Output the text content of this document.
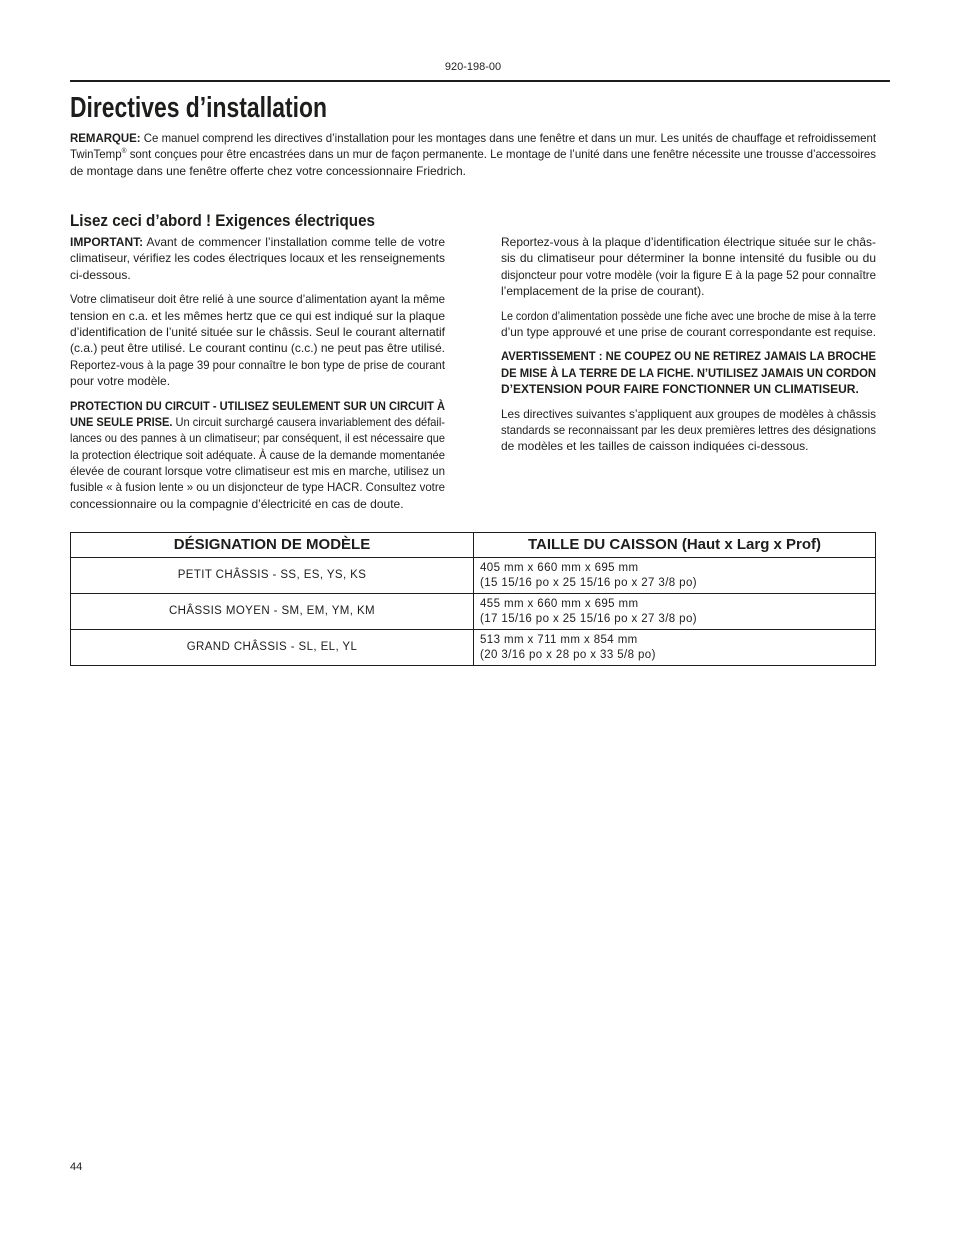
920-198-00
Directives d’installation
REMARQUE: Ce manuel comprend les directives d’installation pour les montages dans une fenêtre et dans un mur. Les unités de chauffage et refroidissement
TwinTemp® sont conçues pour être encastrées dans un mur de façon permanente. Le montage de l’unité dans une fenêtre nécessite une trousse d’accessoires
de montage dans une fenêtre offerte chez votre concessionnaire Friedrich.
Lisez ceci d’abord ! Exigences électriques
IMPORTANT: Avant de commencer l’installation comme telle de votre
climatiseur, vérifiez les codes électriques locaux et les renseignements
ci-dessous.
Votre climatiseur doit être relié à une source d’alimentation ayant la même
tension en c.a. et les mêmes hertz que ce qui est indiqué sur la plaque
d’identification de l’unité située sur le châssis. Seul le courant alternatif
(c.a.) peut être utilisé. Le courant continu (c.c.) ne peut pas être utilisé.
Reportez-vous à la page 39 pour connaître le bon type de prise de courant
pour votre modèle.
PROTECTION DU CIRCUIT - UTILISEZ SEULEMENT SUR UN CIRCUIT À
UNE SEULE PRISE. Un circuit surchargé causera invariablement des défail-
lances ou des pannes à un climatiseur; par conséquent, il est nécessaire que
la protection électrique soit adéquate. À cause de la demande momentanée
élevée de courant lorsque votre climatiseur est mis en marche, utilisez un
fusible « à fusion lente » ou un disjoncteur de type HACR. Consultez votre
concessionnaire ou la compagnie d’électricité en cas de doute.
Reportez-vous à la plaque d’identification électrique située sur le châs-
sis du climatiseur pour déterminer la bonne intensité du fusible ou du
disjoncteur pour votre modèle (voir la figure E à la page 52 pour connaître
l’emplacement de la prise de courant).
Le cordon d’alimentation possède une fiche avec une broche de mise à la terre
d’un type approuvé et une prise de courant correspondante est requise.
AVERTISSEMENT : NE COUPEZ OU NE RETIREZ JAMAIS LA BROCHE
DE MISE À LA TERRE DE LA FICHE. N’UTILISEZ JAMAIS UN CORDON
D’EXTENSION POUR FAIRE FONCTIONNER UN CLIMATISEUR.
Les directives suivantes s’appliquent aux groupes de modèles à châssis
standards se reconnaissant par les deux premières lettres des désignations
de modèles et les tailles de caisson indiquées ci-dessous.
DÉSIGNATION DE MODÈLE	TAILLE DU CAISSON (Haut x Larg x Prof)
PETIT CHÂSSIS - SS, ES, YS, KS	405 mm x 660 mm x 695 mm
(15 15/16 po x 25 15/16 po x 27 3/8 po)

CHÂSSIS MOYEN - SM, EM, YM, KM	455 mm x 660 mm x 695 mm
(17 15/16 po x 25 15/16 po x 27 3/8 po)

GRAND CHÂSSIS - SL, EL, YL	513 mm x 711 mm x 854 mm
(20 3/16 po x 28 po x 33 5/8 po)
44
